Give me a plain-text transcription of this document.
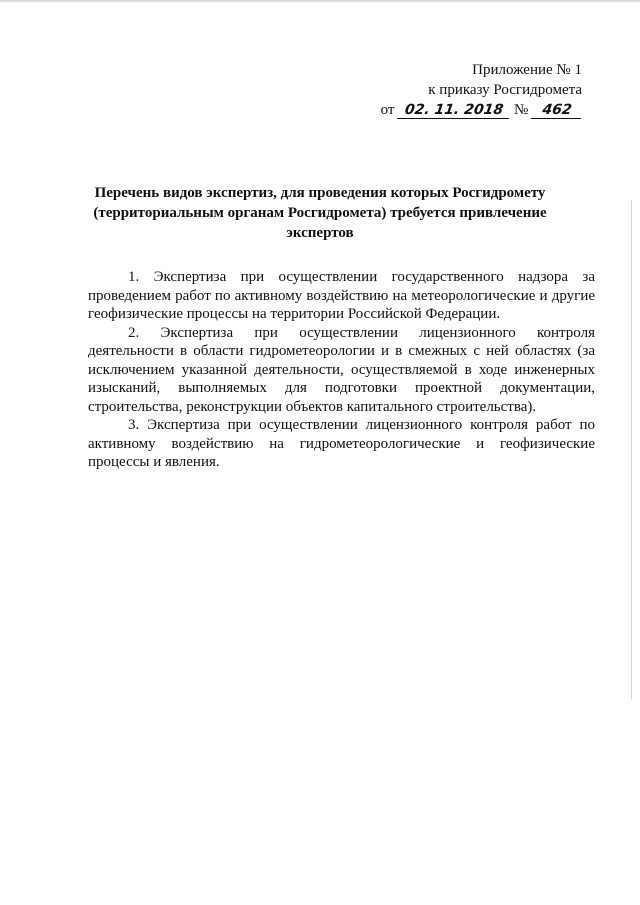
Приложение № 1
к приказу Росгидромета
от 02. 11. 2018 № 462
Перечень видов экспертиз, для проведения которых Росгидромету (территориальным органам Росгидромета) требуется привлечение экспертов

1. Экспертиза при осуществлении государственного надзора за проведением работ по активному воздействию на метеорологические и другие геофизические процессы на территории Российской Федерации.

2. Экспертиза при осуществлении лицензионного контроля деятельности в области гидрометеорологии и в смежных с ней областях (за исключением указанной деятельности, осуществляемой в ходе инженерных изысканий, выполняемых для подготовки проектной документации, строительства, реконструкции объектов капитального строительства).

3. Экспертиза при осуществлении лицензионного контроля работ по активному воздействию на гидрометеорологические и геофизические процессы и явления.
